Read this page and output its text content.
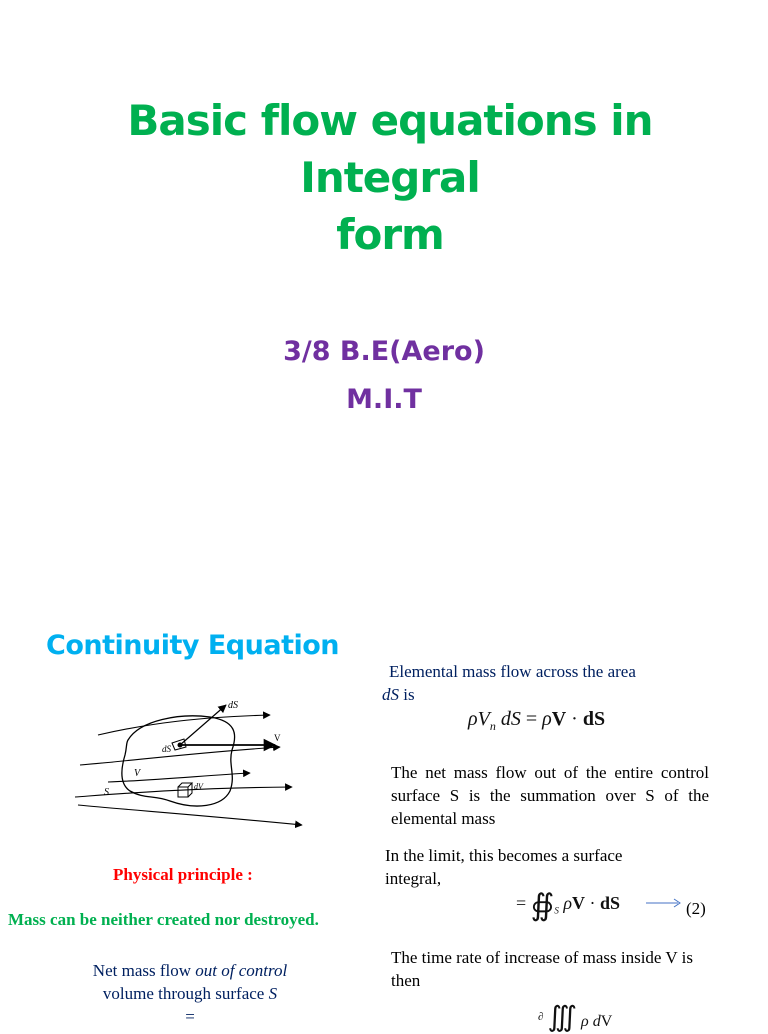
Basic flow equations in Integral
form
3/8 B.E(Aero)
M.I.T
Continuity Equation
dS
dS
V
V
S
dV
Physical principle :
Mass can be neither created nor destroyed.
Net mass flow out of control
volume through surface S
=
Elemental mass flow across the area
dS is
$\rho V_n$ dS = ρV · dS
The net mass flow out of the entire control surface S is the summation over S of the elemental mass
In the limit, this becomes a surface
integral,
= $∯_S$ ρV · dS	(2)
The time rate of increase of mass inside V is then
∂ ∭ ρ dV
